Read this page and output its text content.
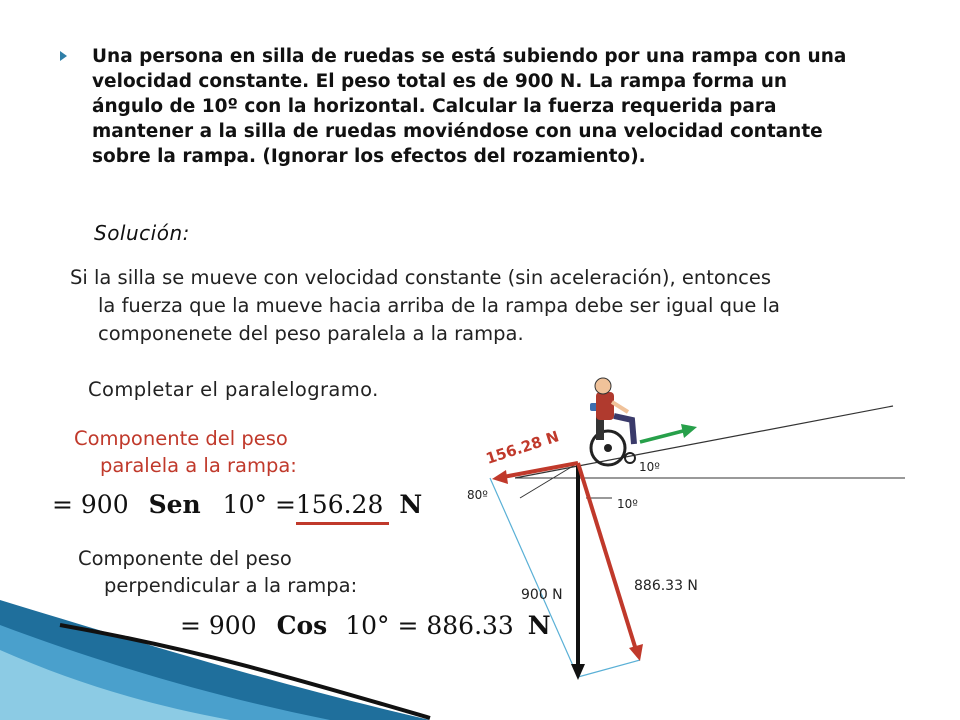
Una persona en silla de ruedas se está subiendo por una rampa con una
velocidad constante. El peso total es de 900 N. La rampa forma un
ángulo de 10º con la horizontal. Calcular la fuerza requerida para
mantener a la silla de ruedas moviéndose con una velocidad contante
sobre la rampa. (Ignorar los efectos del rozamiento).
Solución:
Si la silla se mueve con velocidad constante (sin aceleración), entonces
la fuerza que la mueve hacia arriba de la rampa debe ser igual que la
componenete del peso paralela a la rampa.
Completar el paralelogramo.
Componente del peso
paralela a la rampa:
= 900 Sen 10° =156.28 N
Componente del peso
perpendicular a la rampa:
= 900 Cos 10° = 886.33 N
156.28 N	10º
80º
10º
900 N
886.33 N
